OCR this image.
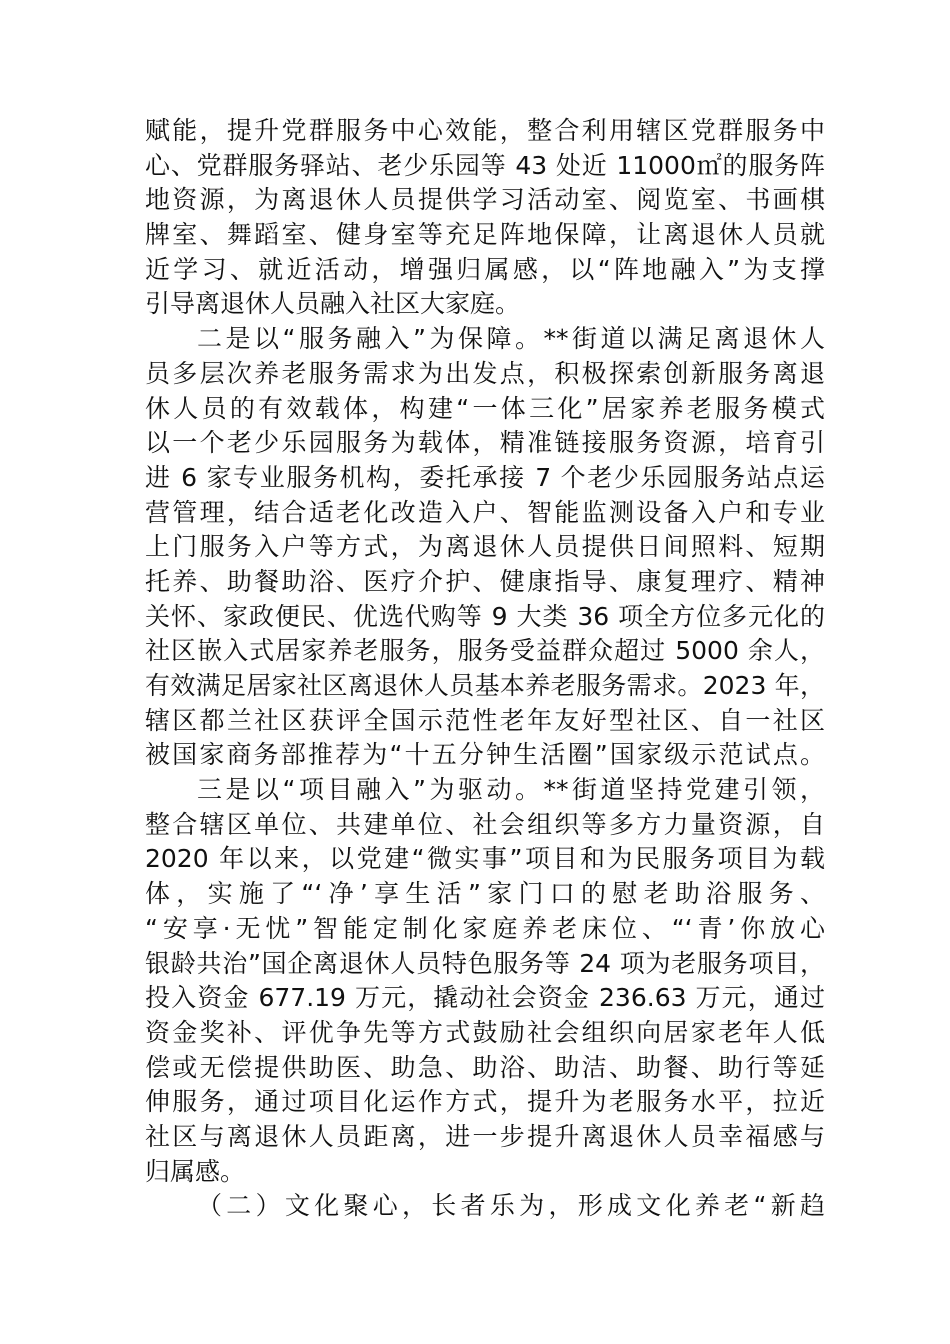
赋能，提升党群服务中心效能，整合利用辖区党群服务中
心、党群服务驿站、老少乐园等 43 处近 11000㎡的服务阵
地资源，为离退休人员提供学习活动室、阅览室、书画棋
牌室、舞蹈室、健身室等充足阵地保障，让离退休人员就
近学习、就近活动，增强归属感，以“阵地融入”为支撑
引导离退休人员融入社区大家庭。
二是以“服务融入”为保障。**街道以满足离退休人
员多层次养老服务需求为出发点，积极探索创新服务离退
休人员的有效载体，构建“一体三化”居家养老服务模式
以一个老少乐园服务为载体，精准链接服务资源，培育引
进 6 家专业服务机构，委托承接 7 个老少乐园服务站点运
营管理，结合适老化改造入户、智能监测设备入户和专业
上门服务入户等方式，为离退休人员提供日间照料、短期
托养、助餐助浴、医疗介护、健康指导、康复理疗、精神
关怀、家政便民、优选代购等 9 大类 36 项全方位多元化的
社区嵌入式居家养老服务，服务受益群众超过 5000 余人，
有效满足居家社区离退休人员基本养老服务需求。2023 年，
辖区都兰社区获评全国示范性老年友好型社区、自一社区
被国家商务部推荐为“十五分钟生活圈”国家级示范试点。
三是以“项目融入”为驱动。**街道坚持党建引领，
整合辖区单位、共建单位、社会组织等多方力量资源，自
2020 年以来，以党建“微实事”项目和为民服务项目为载
体，实施了“‘净’享生活”家门口的慰老助浴服务、
“安享·无忧”智能定制化家庭养老床位、“‘青’你放心
银龄共治”国企离退休人员特色服务等 24 项为老服务项目，
投入资金 677.19 万元，撬动社会资金 236.63 万元，通过
资金奖补、评优争先等方式鼓励社会组织向居家老年人低
偿或无偿提供助医、助急、助浴、助洁、助餐、助行等延
伸服务，通过项目化运作方式，提升为老服务水平，拉近
社区与离退休人员距离，进一步提升离退休人员幸福感与
归属感。
（二）文化聚心，长者乐为，形成文化养老“新趋
